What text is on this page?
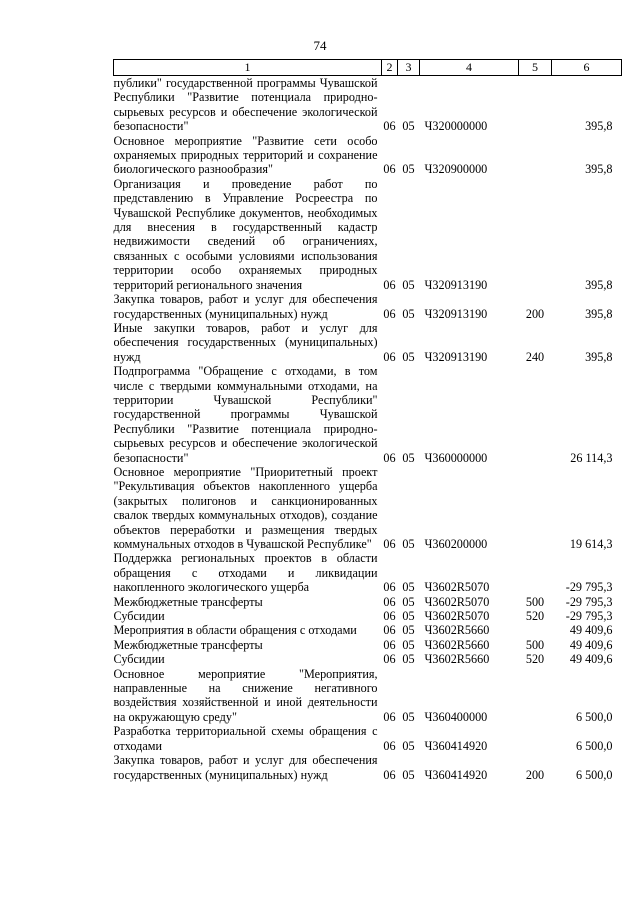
74
1	2	3	4	5	6

публики" государственной программы Чувашской Республики "Развитие потенциала природно-сырьевых ресурсов и обеспечение экологической безопасности"	06	05	Ч320000000		395,8

Основное мероприятие "Развитие сети особо охраняемых природных территорий и сохранение биологического разнообразия"	06	05	Ч320900000		395,8

Организация и проведение работ по представлению в Управление Росреестра по Чувашской Республике документов, необходимых для внесения в государственный кадастр недвижимости сведений об ограничениях, связанных с особыми условиями использования территории особо охраняемых природных территорий регионального значения	06	05	Ч320913190		395,8

Закупка товаров, работ и услуг для обеспечения государственных (муниципальных) нужд	06	05	Ч320913190	200	395,8

Иные закупки товаров, работ и услуг для обеспечения государственных (муниципальных) нужд	06	05	Ч320913190	240	395,8

Подпрограмма "Обращение с отходами, в том числе с твердыми коммунальными отходами, на территории Чувашской Республики" государственной программы Чувашской Республики "Развитие потенциала природно-сырьевых ресурсов и обеспечение экологической безопасности"	06	05	Ч360000000		26 114,3

Основное мероприятие "Приоритетный проект "Рекультивация объектов накопленного ущерба (закрытых полигонов и санкционированных свалок твердых коммунальных отходов), создание объектов переработки и размещения твердых коммунальных отходов в Чувашской Республике"	06	05	Ч360200000		19 614,3

Поддержка региональных проектов в области обращения с отходами и ликвидации накопленного экологического ущерба	06	05	Ч3602R5070		-29 795,3

Межбюджетные трансферты	06	05	Ч3602R5070	500	-29 795,3

Субсидии	06	05	Ч3602R5070	520	-29 795,3

Мероприятия в области обращения с отходами	06	05	Ч3602R5660		49 409,6

Межбюджетные трансферты	06	05	Ч3602R5660	500	49 409,6

Субсидии	06	05	Ч3602R5660	520	49 409,6

Основное мероприятие "Мероприятия, направленные на снижение негативного воздействия хозяйственной и иной деятельности на окружающую среду"	06	05	Ч360400000		6 500,0

Разработка территориальной схемы обращения с отходами	06	05	Ч360414920		6 500,0

Закупка товаров, работ и услуг для обеспечения государственных (муниципальных) нужд	06	05	Ч360414920	200	6 500,0
